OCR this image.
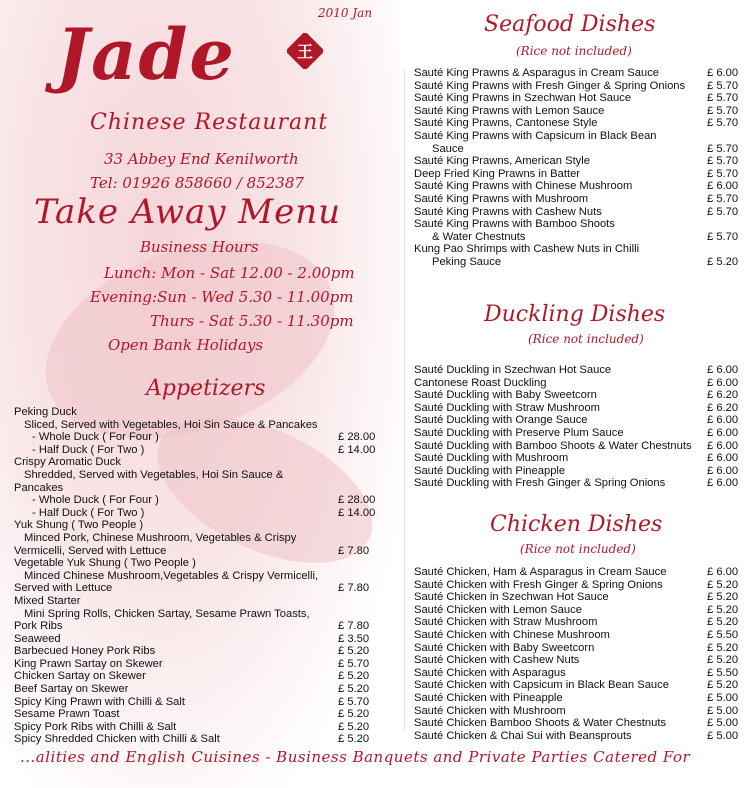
2010 Jan
Jade	王
Chinese Restaurant
33 Abbey End Kenilworth
Tel: 01926 858660 / 852387
Take Away Menu
Business Hours
Lunch: Mon - Sat 12.00 - 2.00pm
Evening:Sun - Wed 5.30 - 11.00pm
Thurs - Sat 5.30 - 11.30pm
Open Bank Holidays
Appetizers
Peking Duck
Sliced, Served with Vegetables, Hoi Sin Sauce & Pancakes
- Whole Duck ( For Four )	£ 28.00
- Half Duck ( For Two )	£ 14.00
Crispy Aromatic Duck
Shredded, Served with Vegetables, Hoi Sin Sauce &
Pancakes
- Whole Duck ( For Four )	£ 28.00
- Half Duck ( For Two )	£ 14.00
Yuk Shung ( Two People )
Minced Pork, Chinese Mushroom, Vegetables & Crispy
Vermicelli, Served with Lettuce	£ 7.80
Vegetable Yuk Shung ( Two People )
Minced Chinese Mushroom,Vegetables & Crispy Vermicelli,
Served with Lettuce	£ 7.80
Mixed Starter
Mini Spring Rolls, Chicken Sartay, Sesame Prawn Toasts,
Pork Ribs	£ 7.80
Seaweed	£ 3.50
Barbecued Honey Pork Ribs	£ 5.20
King Prawn Sartay on Skewer	£ 5.70
Chicken Sartay on Skewer	£ 5.20
Beef Sartay on Skewer	£ 5.20
Spicy King Prawn with Chilli & Salt	£ 5.70
Sesame Prawn Toast	£ 5.20
Spicy Pork Ribs with Chilli & Salt	£ 5.20
Spicy Shredded Chicken with Chilli & Salt	£ 5.20
Seafood Dishes
(Rice not included)
Sauté King Prawns & Asparagus in Cream Sauce	£ 6.00
Sauté King Prawns with Fresh Ginger & Spring Onions £ 5.70
Sauté King Prawns in Szechwan Hot Sauce	£ 5.70
Sauté King Prawns with Lemon Sauce	£ 5.70
Sauté King Prawns, Cantonese Style	£ 5.70
Sauté King Prawns with Capsicum in Black Bean
Sauce	£ 5.70
Sauté King Prawns, American Style	£ 5.70
Deep Fried King Prawns in Batter	£ 5.70
Sauté King Prawns with Chinese Mushroom	£ 6.00
Sauté King Prawns with Mushroom	£ 5.70
Sauté King Prawns with Cashew Nuts	£ 5.70
Sauté King Prawns with Bamboo Shoots
& Water Chestnuts	£ 5.70
Kung Pao Shrimps with Cashew Nuts in Chilli
Peking Sauce	£ 5.20
Duckling Dishes
(Rice not included)
Sauté Duckling in Szechwan Hot Sauce	£ 6.00
Cantonese Roast Duckling	£ 6.00
Sauté Duckling with Baby Sweetcorn	£ 6.20
Sauté Duckling with Straw Mushroom	£ 6.20
Sauté Duckling with Orange Sauce	£ 6.00
Sauté Duckling with Preserve Plum Sauce	£ 6.00
Sauté Duckling with Bamboo Shoots & Water Chestnuts £ 6.00
Sauté Duckling with Mushroom	£ 6.00
Sauté Duckling with Pineapple	£ 6.00
Sauté Duckling with Fresh Ginger & Spring Onions	£ 6.00
Chicken Dishes
(Rice not included)
Sauté Chicken, Ham & Asparagus in Cream Sauce	£ 6.00
Sauté Chicken with Fresh Ginger & Spring Onions	£ 5.20
Sauté Chicken in Szechwan Hot Sauce	£ 5.20
Sauté Chicken with Lemon Sauce	£ 5.20
Sauté Chicken with Straw Mushroom	£ 5.20
Sauté Chicken with Chinese Mushroom	£ 5.50
Sauté Chicken with Baby Sweetcorn	£ 5.20
Sauté Chicken with Cashew Nuts	£ 5.20
Sauté Chicken with Asparagus	£ 5.50
Sauté Chicken with Capsicum in Black Bean Sauce	£ 5.20
Sauté Chicken with Pineapple	£ 5.00
Sauté Chicken with Mushroom	£ 5.00
Sauté Chicken Bamboo Shoots & Water Chestnuts	£ 5.00
Sauté Chicken & Chai Sui with Beansprouts	£ 5.00
...alities and English Cuisines - Business Banquets and Private Parties Catered For
